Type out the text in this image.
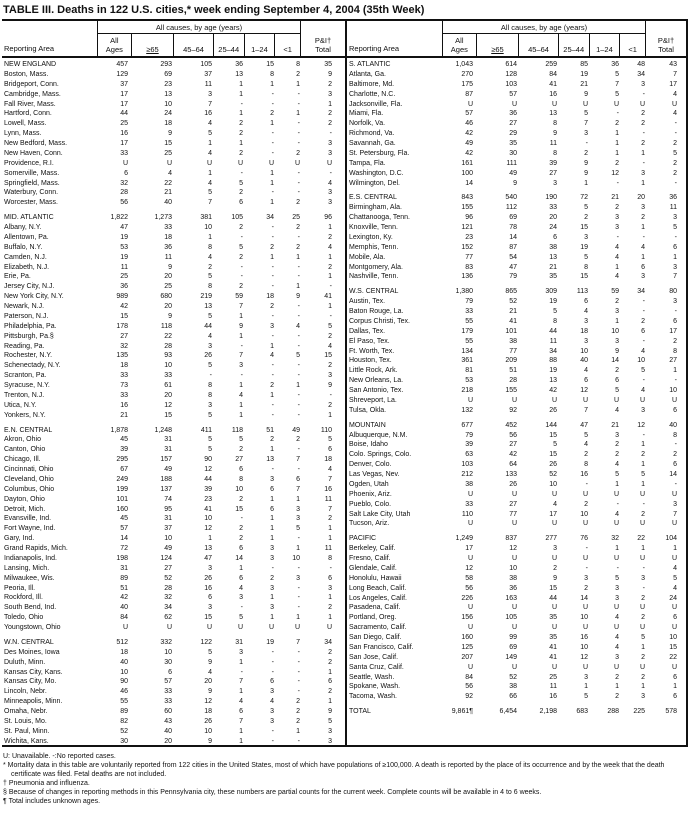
TABLE III. Deaths in 122 U.S. cities,* week ending September 4, 2004 (35th Week)
Reporting Area
All causes, by age (years)
All
Ages	≥65	45–64	25–44	1–24	<1
P&I†
Total
NEW ENGLAND	457	293	105	36	15	8	35
Boston, Mass.	129	69	37	13	8	2	9
Bridgeport, Conn.	37	23	11	1	1	1	2
Cambridge, Mass.	17	13	3	1	-	-	3
Fall River, Mass.	17	10	7	-	-	-	1
Hartford, Conn.	44	24	16	1	2	1	2
Lowell, Mass.	25	18	4	2	1	-	2
Lynn, Mass.	16	9	5	2	-	-	-
New Bedford, Mass.	17	15	1	1	-	-	3
New Haven, Conn.	33	25	4	2	-	2	3
Providence, R.I.	U	U	U	U	U	U	U
Somerville, Mass.	6	4	1	-	1	-	-
Springfield, Mass.	32	22	4	5	1	-	4
Waterbury, Conn.	28	21	5	2	-	-	3
Worcester, Mass.	56	40	7	6	1	2	3
MID. ATLANTIC	1,822	1,273	381	105	34	25	96
Albany, N.Y.	47	33	10	2	-	2	1
Allentown, Pa.	19	18	1	-	-	-	2
Buffalo, N.Y.	53	36	8	5	2	2	4
Camden, N.J.	19	11	4	2	1	1	1
Elizabeth, N.J.	11	9	2	-	-	-	2
Erie, Pa.	25	20	5	-	-	-	1
Jersey City, N.J.	36	25	8	2	-	1	-
New York City, N.Y.	989	680	219	59	18	9	41
Newark, N.J.	42	20	13	7	2	-	1
Paterson, N.J.	15	9	5	1	-	-	-
Philadelphia, Pa.	178	118	44	9	3	4	5
Pittsburgh, Pa.§	27	22	4	1	-	-	2
Reading, Pa.	32	28	3	-	1	-	4
Rochester, N.Y.	135	93	26	7	4	5	15
Schenectady, N.Y.	18	10	5	3	-	-	2
Scranton, Pa.	33	33	-	-	-	-	3
Syracuse, N.Y.	73	61	8	1	2	1	9
Trenton, N.J.	33	20	8	4	1	-	-
Utica, N.Y.	16	12	3	1	-	-	2
Yonkers, N.Y.	21	15	5	1	-	-	1
E.N. CENTRAL	1,878	1,248	411	118	51	49	110
Akron, Ohio	45	31	5	5	2	2	5
Canton, Ohio	39	31	5	2	1	-	6
Chicago, Ill.	295	157	90	27	13	7	18
Cincinnati, Ohio	67	49	12	6	-	-	4
Cleveland, Ohio	249	188	44	8	3	6	7
Columbus, Ohio	199	137	39	10	6	7	16
Dayton, Ohio	101	74	23	2	1	1	11
Detroit, Mich.	160	95	41	15	6	3	7
Evansville, Ind.	45	31	10	-	1	3	2
Fort Wayne, Ind.	57	37	12	2	1	5	1
Gary, Ind.	14	10	1	2	1	-	1
Grand Rapids, Mich.	72	49	13	6	3	1	11
Indianapolis, Ind.	198	124	47	14	3	10	8
Lansing, Mich.	31	27	3	1	-	-	-
Milwaukee, Wis.	89	52	26	6	2	3	6
Peoria, Ill.	51	28	16	4	3	-	3
Rockford, Ill.	42	32	6	3	1	-	1
South Bend, Ind.	40	34	3	-	3	-	2
Toledo, Ohio	84	62	15	5	1	1	1
Youngstown, Ohio	U	U	U	U	U	U	U
W.N. CENTRAL	512	332	122	31	19	7	34
Des Moines, Iowa	18	10	5	3	-	-	2
Duluth, Minn.	40	30	9	1	-	-	2
Kansas City, Kans.	10	6	4	-	-	-	1
Kansas City, Mo.	90	57	20	7	6	-	6
Lincoln, Nebr.	46	33	9	1	3	-	2
Minneapolis, Minn.	55	33	12	4	4	2	1
Omaha, Nebr.	89	60	18	6	3	2	9
St. Louis, Mo.	82	43	26	7	3	2	5
St. Paul, Minn.	52	40	10	1	-	1	3
Wichita, Kans.	30	20	9	1	-	-	3
Reporting Area
All causes, by age (years)
All
Ages	≥65	45–64	25–44	1–24	<1
P&I†
Total
S. ATLANTIC	1,043	614	259	85	36	48	43
Atlanta, Ga.	270	128	84	19	5	34	7
Baltimore, Md.	175	103	41	21	7	3	17
Charlotte, N.C.	87	57	16	9	5	-	4
Jacksonville, Fla.	U	U	U	U	U	U	U
Miami, Fla.	57	36	13	5	-	2	4
Norfolk, Va.	46	27	8	7	2	2	-
Richmond, Va.	42	29	9	3	1	-	-
Savannah, Ga.	49	35	11	-	1	2	2
St. Petersburg, Fla.	42	30	8	2	1	1	5
Tampa, Fla.	161	111	39	9	2	-	2
Washington, D.C.	100	49	27	9	12	3	2
Wilmington, Del.	14	9	3	1	-	1	-
E.S. CENTRAL	843	540	190	72	21	20	36
Birmingham, Ala.	155	112	33	5	2	3	11
Chattanooga, Tenn.	96	69	20	2	3	2	3
Knoxville, Tenn.	121	78	24	15	3	1	5
Lexington, Ky.	23	14	6	3	-	-	-
Memphis, Tenn.	152	87	38	19	4	4	6
Mobile, Ala.	77	54	13	5	4	1	1
Montgomery, Ala.	83	47	21	8	1	6	3
Nashville, Tenn.	136	79	35	15	4	3	7
W.S. CENTRAL	1,380	865	309	113	59	34	80
Austin, Tex.	79	52	19	6	2	-	3
Baton Rouge, La.	33	21	5	4	3	-	-
Corpus Christi, Tex.	55	41	8	3	1	2	6
Dallas, Tex.	179	101	44	18	10	6	17
El Paso, Tex.	55	38	11	3	3	-	2
Ft. Worth, Tex.	134	77	34	10	9	4	8
Houston, Tex.	361	209	88	40	14	10	27
Little Rock, Ark.	81	51	19	4	2	5	1
New Orleans, La.	53	28	13	6	6	-	-
San Antonio, Tex.	218	155	42	12	5	4	10
Shreveport, La.	U	U	U	U	U	U	U
Tulsa, Okla.	132	92	26	7	4	3	6
MOUNTAIN	677	452	144	47	21	12	40
Albuquerque, N.M.	79	56	15	5	3	-	8
Boise, Idaho	39	27	5	4	2	1	-
Colo. Springs, Colo.	63	42	15	2	2	2	2
Denver, Colo.	103	64	26	8	4	1	6
Las Vegas, Nev.	212	133	52	16	5	5	14
Ogden, Utah	38	26	10	-	1	1	-
Phoenix, Ariz.	U	U	U	U	U	U	U
Pueblo, Colo.	33	27	4	2	-	-	3
Salt Lake City, Utah	110	77	17	10	4	2	7
Tucson, Ariz.	U	U	U	U	U	U	U
PACIFIC	1,249	837	277	76	32	22	104
Berkeley, Calif.	17	12	3	-	1	1	1
Fresno, Calif.	U	U	U	U	U	U	U
Glendale, Calif.	12	10	2	-	-	-	4
Honolulu, Hawaii	58	38	9	3	5	3	5
Long Beach, Calif.	56	36	15	2	3	-	4
Los Angeles, Calif.	226	163	44	14	3	2	24
Pasadena, Calif.	U	U	U	U	U	U	U
Portland, Oreg.	156	105	35	10	4	2	6
Sacramento, Calif.	U	U	U	U	U	U	U
San Diego, Calif.	160	99	35	16	4	5	10
San Francisco, Calif.	125	69	41	10	4	1	15
San Jose, Calif.	207	149	41	12	3	2	22
Santa Cruz, Calif.	U	U	U	U	U	U	U
Seattle, Wash.	84	52	25	3	2	2	6
Spokane, Wash.	56	38	11	1	1	1	1
Tacoma, Wash.	92	66	16	5	2	3	6
TOTAL	9,861¶	6,454	2,198	683	288	225	578
U: Unavailable. -:No reported cases.
* Mortality data in this table are voluntarily reported from 122 cities in the United States, most of which have populations of ≥100,000. A death is reported by the place of its occurrence and by the week that the death certificate was filed. Fetal deaths are not included.
† Pneumonia and influenza.
§ Because of changes in reporting methods in this Pennsylvania city, these numbers are partial counts for the current week. Complete counts will be available in 4 to 6 weeks.
¶ Total includes unknown ages.
